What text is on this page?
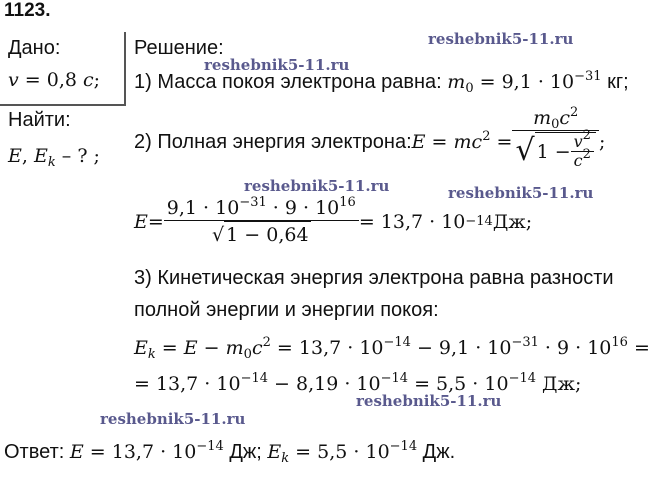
1123.
Дано:
v = 0,8 c;
Найти:
E, $E_k$ – ? ;
Решение:
1) Масса покоя электрона равна: $m_0 = 9,1 \cdot 10^{-31}$ кг;
2) Полная энергия электрона: $E = mc^2 = \frac{m_0c^2}{√ 1 - \frac{v^2}{c^2}}$ ;
$E = \frac{9,1 \cdot 10^{-31} \cdot 9 \cdot 10^{16}}{√ 1 - 0,64} = 13,7 \cdot 10 -14$ Дж;
3) Кинетическая энергия электрона равна разности
полной энергии и энергии покоя:
$E_k = E - m_0c^2 = 13,7 \cdot 10^{-14} - 9,1 \cdot 10^{-31} \cdot 9 \cdot 10^{16}$ =
= $13,7 \cdot 10^{-14} - 8,19 \cdot 10^{-14} = 5,5 \cdot 10^{-14}$ Дж;
Ответ: $E = 13,7 \cdot 10^{-14}$ Дж; $E_k = 5,5 \cdot 10^{-14}$ Дж.
reshebnik5-11.ru
reshebnik5-11.ru
reshebnik5-11.ru	reshebnik5-11.ru
reshebnik5-11.ru
reshebnik5-11.ru
